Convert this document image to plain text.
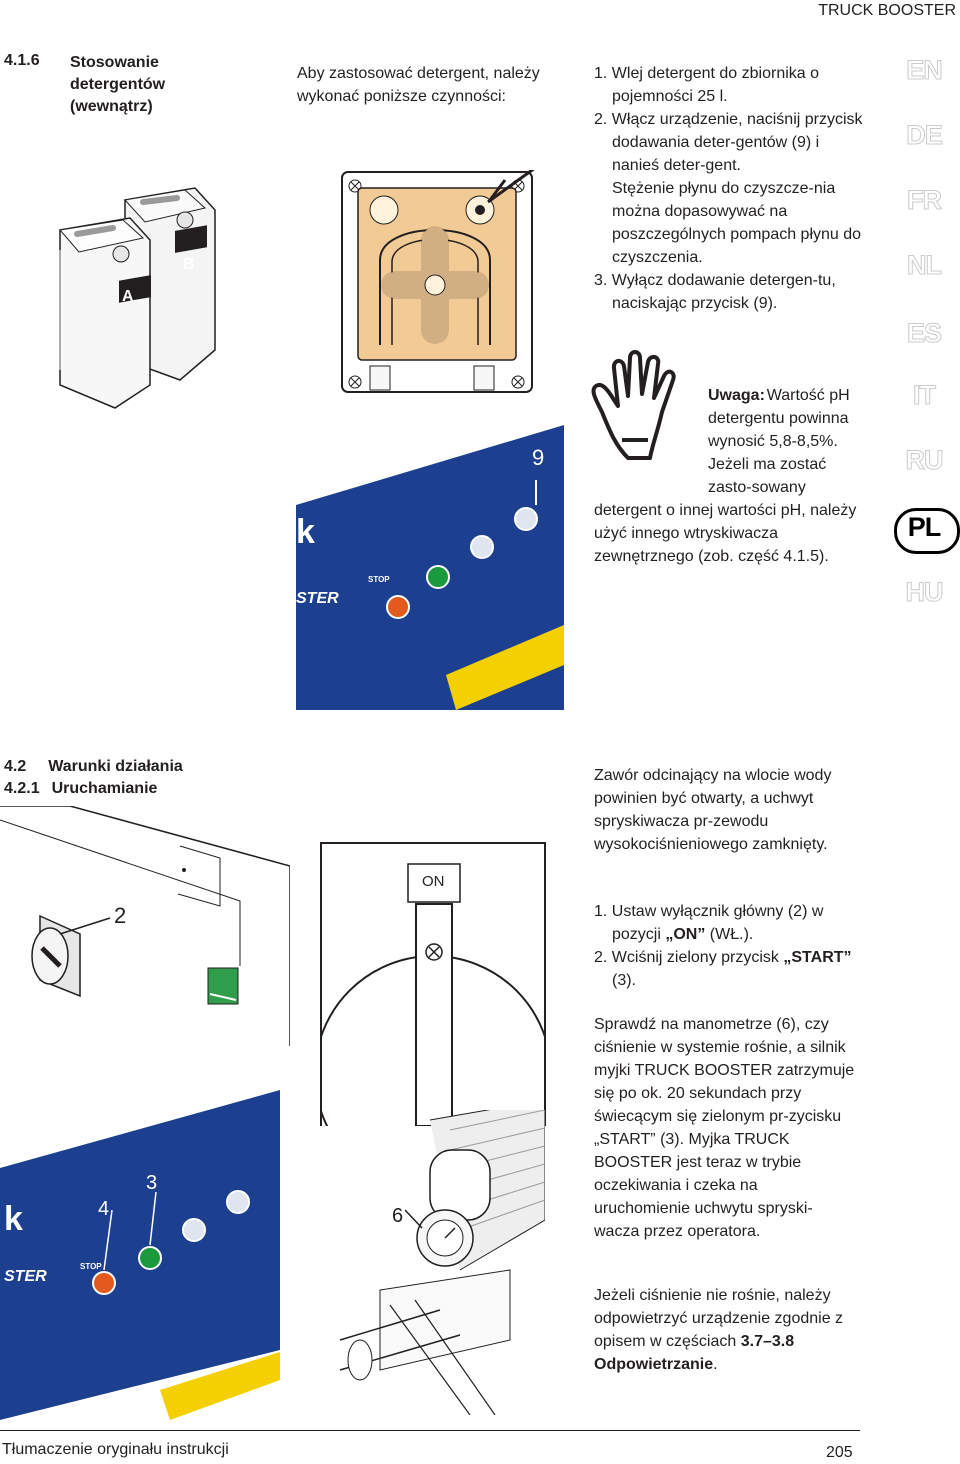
TRUCK BOOSTER
4.1.6 Stosowanie
detergentów
(wewnątrz)
Aby zastosować detergent, należy wykonać poniższe czynności:
1. Wlej detergent do zbiornika o pojemności 25 l.
2. Włącz urządzenie, naciśnij przycisk dodawania deter-gentów (9) i nanieś deter-gent.
Stężenie płynu do czyszcze-nia można dopasowywać na poszczególnych pompach płynu do czyszczenia.
3. Wyłącz dodawanie detergen-tu, naciskając przycisk (9).
Uwaga: Wartość pH detergentu powinna wynosić 5,8-8,5%. Jeżeli ma zostać zasto-sowany detergent o innej wartości pH, należy użyć innego wtryskiwacza zewnętrznego (zob. część 4.1.5).
EN
DE
FR
NL
ES
IT
RU
PL
HU
A
B
9
k
STER
STOP
4.2 Warunki działania
4.2.1 Uruchamianie
Zawór odcinający na wlocie wody powinien być otwarty, a uchwyt spryskiwacza pr-zewodu wysokociśnieniowego zamknięty.
1. Ustaw wyłącznik główny (2) w pozycji „ON” (WŁ.).
2. Wciśnij zielony przycisk „START” (3).
Sprawdź na manometrze (6), czy ciśnienie w systemie rośnie, a silnik myjki TRUCK BOOSTER zatrzymuje się po ok. 20 sekundach przy świecącym się zielonym pr-zycisku „START” (3). Myjka TRUCK BOOSTER jest teraz w trybie oczekiwania i czeka na uruchomienie uchwytu spryski-wacza przez operatora.
Jeżeli ciśnienie nie rośnie, należy odpowietrzyć urządzenie zgodnie z opisem w częściach 3.7–3.8 Odpowietrzanie.
2
ON
4
3
k
STER
STOP
6
Tłumaczenie oryginału instrukcji	205
